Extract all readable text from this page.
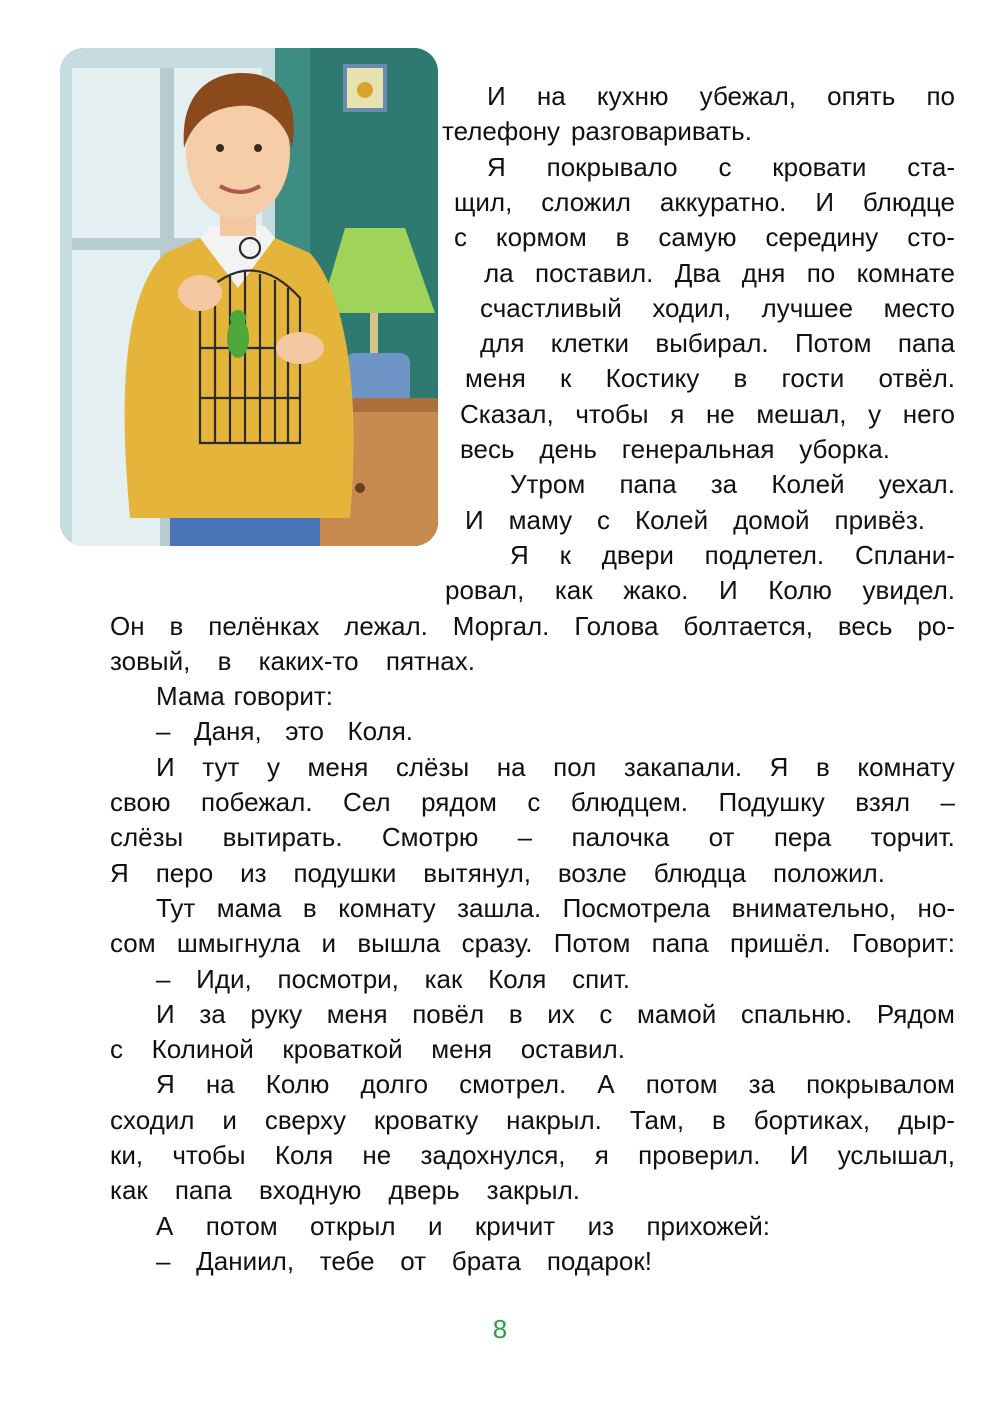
И на кухню убежал, опять по
телефону разговаривать.
Я покрывало с кровати ста-
щил, сложил аккуратно. И блюдце
с кормом в самую середину сто-
ла поставил. Два дня по комнате
счастливый ходил, лучшее место
для клетки выбирал. Потом папа
меня к Костику в гости отвёл.
Сказал, чтобы я не мешал, у него
весь день генеральная уборка.
Утром папа за Колей уехал.
И маму с Колей домой привёз.
Я к двери подлетел. Сплани-
ровал, как жако. И Колю увидел.
Он в пелёнках лежал. Моргал. Голова болтается, весь ро-
зовый, в каких-то пятнах.
Мама говорит:
– Даня, это Коля.
И тут у меня слёзы на пол закапали. Я в комнату
свою побежал. Сел рядом с блюдцем. Подушку взял –
слёзы вытирать. Смотрю – палочка от пера торчит.
Я перо из подушки вытянул, возле блюдца положил.
Тут мама в комнату зашла. Посмотрела внимательно, но-
сом шмыгнула и вышла сразу. Потом папа пришёл. Говорит:
– Иди, посмотри, как Коля спит.
И за руку меня повёл в их с мамой спальню. Рядом
с Колиной кроваткой меня оставил.
Я на Колю долго смотрел. А потом за покрывалом
сходил и сверху кроватку накрыл. Там, в бортиках, дыр-
ки, чтобы Коля не задохнулся, я проверил. И услышал,
как папа входную дверь закрыл.
А потом открыл и кричит из прихожей:
– Даниил, тебе от брата подарок!
8
